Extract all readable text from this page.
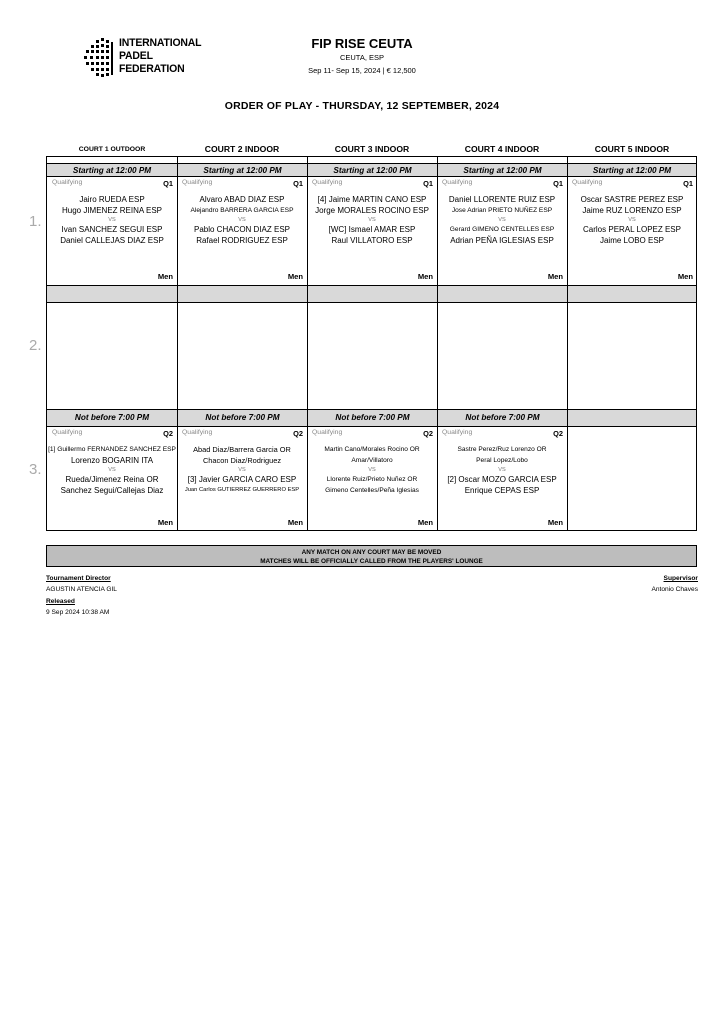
INTERNATIONAL
PADEL
FEDERATION
FIP RISE CEUTA
CEUTA, ESP
Sep 11- Sep 15, 2024 | € 12,500
ORDER OF PLAY - THURSDAY, 12 SEPTEMBER, 2024
COURT 1 OUTDOOR	COURT 2 INDOOR	COURT 3 INDOOR	COURT 4 INDOOR	COURT 5 INDOOR
1.
2.
3.
Starting at 12:00 PM	Starting at 12:00 PM	Starting at 12:00 PM	Starting at 12:00 PM	Starting at 12:00 PM
Qualifying	Q1
Jairo RUEDA ESP
Hugo JIMENEZ REINA ESP
VS
Ivan SANCHEZ SEGUI ESP
Daniel CALLEJAS DIAZ ESP
Men
Qualifying	Q1
Alvaro ABAD DIAZ ESP
Alejandro BARRERA GARCIA ESP
VS
Pablo CHACON DIAZ ESP
Rafael RODRIGUEZ ESP
Men
Qualifying	Q1
[4] Jaime MARTIN CANO ESP
Jorge MORALES ROCINO ESP
VS
[WC] Ismael AMAR ESP
Raul VILLATORO ESP
Men
Qualifying	Q1
Daniel LLORENTE RUIZ ESP
Jose Adrian PRIETO NUÑEZ ESP
VS
Gerard GIMENO CENTELLES ESP
Adrian PEÑA IGLESIAS ESP
Men
Qualifying	Q1
Oscar SASTRE PEREZ ESP
Jaime RUZ LORENZO ESP
VS
Carlos PERAL LOPEZ ESP
Jaime LOBO ESP
Men
Not before 7:00 PM	Not before 7:00 PM	Not before 7:00 PM	Not before 7:00 PM
Qualifying	Q2
[1] Guillermo FERNANDEZ SANCHEZ ESP
Lorenzo BOGARIN ITA
VS
Rueda/Jimenez Reina OR
Sanchez Segui/Callejas Diaz
Men
Qualifying	Q2
Abad Diaz/Barrera Garcia OR
Chacon Diaz/Rodriguez
VS
[3] Javier GARCIA CARO ESP
Juan Carlos GUTIERREZ GUERRERO ESP
Men
Qualifying	Q2
Martin Cano/Morales Rocino OR
Amar/Villatoro
VS
Llorente Ruiz/Prieto Nuñez OR
Gimeno Centelles/Peña Iglesias
Men
Qualifying	Q2
Sastre Perez/Ruz Lorenzo OR
Peral Lopez/Lobo
VS
[2] Oscar MOZO GARCIA ESP
Enrique CEPAS ESP
Men
ANY MATCH ON ANY COURT MAY BE MOVED
MATCHES WILL BE OFFICIALLY CALLED FROM THE PLAYERS' LOUNGE
Tournament Director
AGUSTIN ATENCIA GIL
Released
9 Sep 2024 10:38 AM
Supervisor
Antonio Chaves
